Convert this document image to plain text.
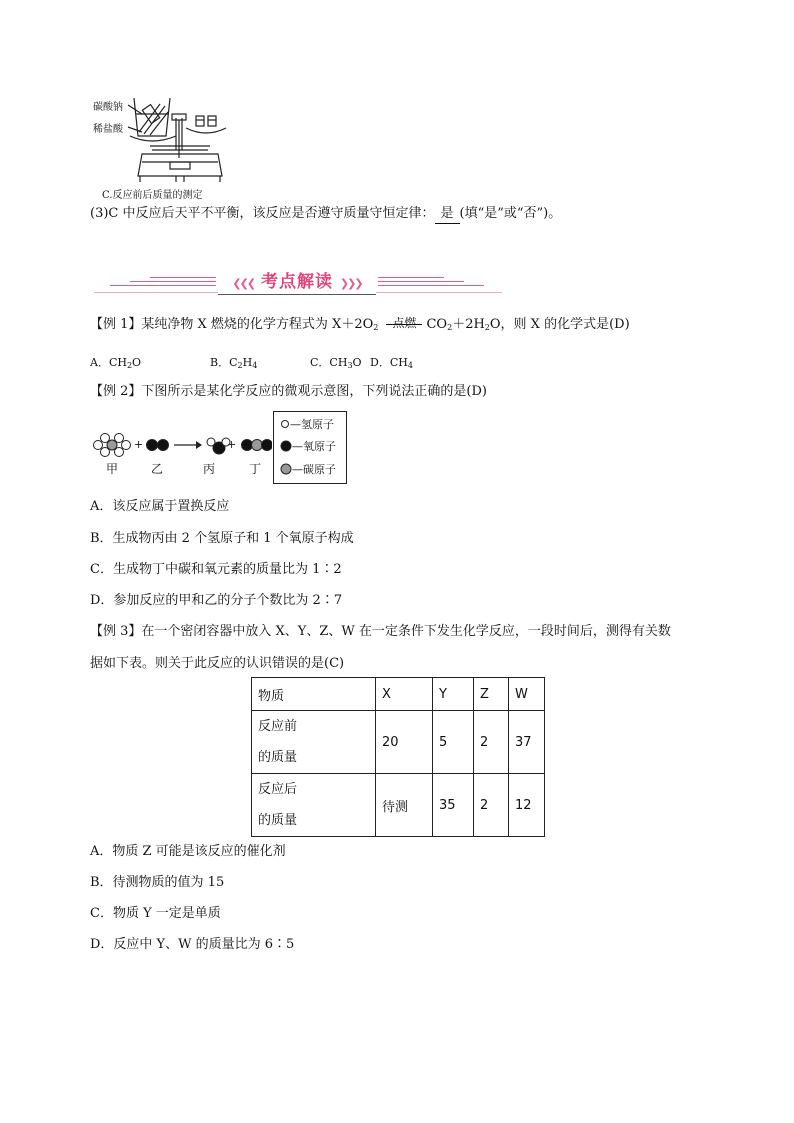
碳酸钠
稀盐酸
C.反应前后质量的测定
(3)C 中反应后天平不平衡，该反应是否遵守质量守恒定律： 是 (填“是”或“否”)。
❮❮❮ 考点解读 ❯❯❯
【例 1】某纯净物 X 燃烧的化学方程式为 $X+2O_2$	点燃 $CO_2+2H_2O$，则 X 的化学式是(D)
A．$CH_2O$	B．$C_2H_4$	C．$CH_3O$ D．$CH_4$
【例 2】下图所示是某化学反应的微观示意图，下列说法正确的是(D)
+	+
甲	乙	丙	丁
—氢原子
—氧原子
—碳原子
A．该反应属于置换反应
B．生成物丙由 2 个氢原子和 1 个氧原子构成
C．生成物丁中碳和氧元素的质量比为 1∶2
D．参加反应的甲和乙的分子个数比为 2∶7
【例 3】在一个密闭容器中放入 X、Y、Z、W 在一定条件下发生化学反应，一段时间后，测得有关数
据如下表。则关于此反应的认识错误的是(C)
物质	X	Y	Z	W
反应前
的质量	20	5	2	37
反应后
的质量	待测	35	2	12
A．物质 Z 可能是该反应的催化剂
B．待测物质的值为 15
C．物质 Y 一定是单质
D．反应中 Y、W 的质量比为 6∶5
